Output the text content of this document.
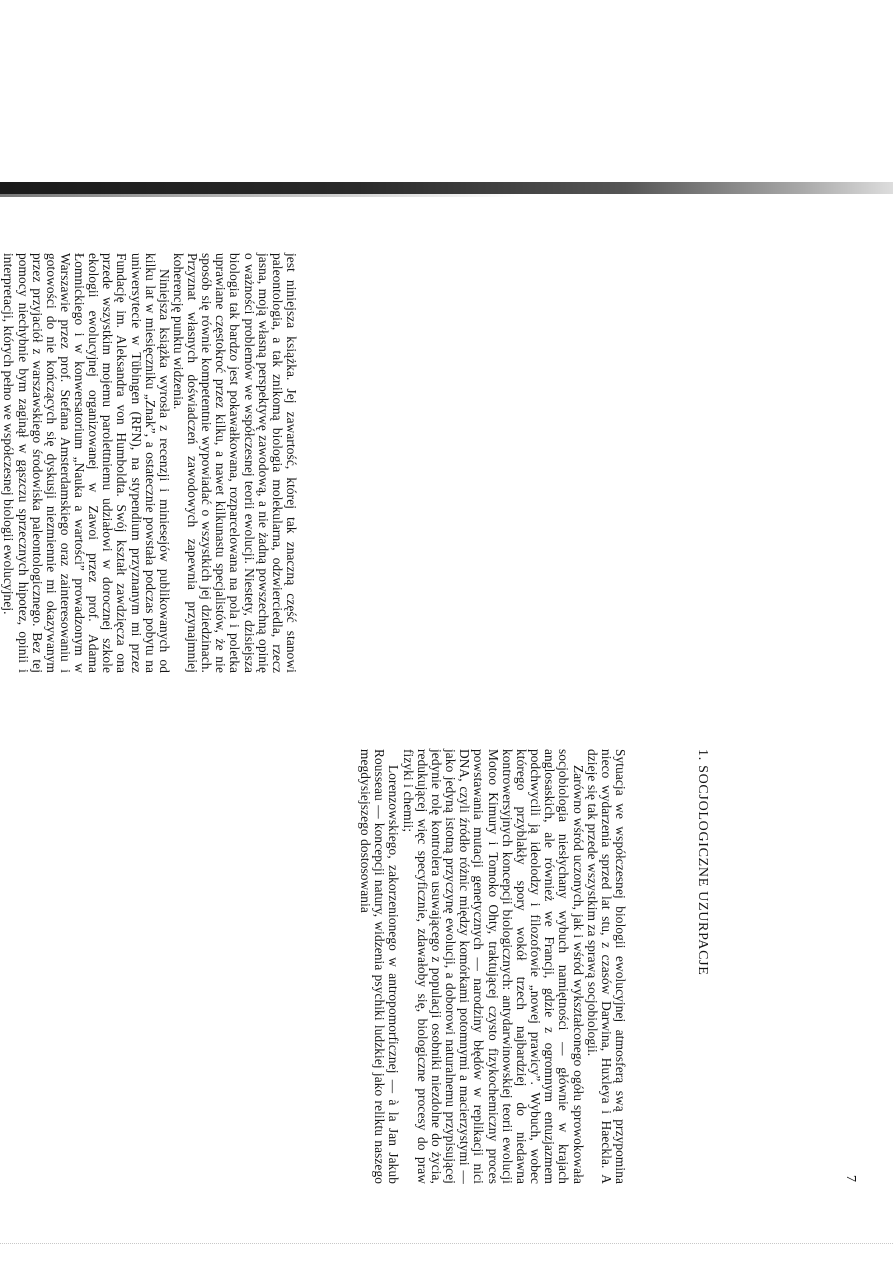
jest niniejsza książka. Jej zawartość, której tak znaczną część stanowi paleontologia, a tak znikomą biologia molekularna, odzwierciedla, rzecz jasna, moją własną perspektywę zawodową, a nie żadną powszechną opinię o ważności problemów we współczesnej teorii ewolucji. Niestety, dzisiejsza biologia tak bardzo jest pokawałkowana, rozparcelowana na pola i poletka uprawiane częstokroć przez kilku, a nawet kilkunastu specjalistów, że nie sposób się równie kompetentnie wypowiadać o wszystkich jej dziedzinach. Przyznat własnych doświadczeń zawodowych zapewnia przynajmniej koherencję punktu widzenia.

Niniejsza książka wyrosła z recenzji i miniesejów publikowanych od kilku lat w miesięczniku „Znak”, a ostatecznie powstała podczas pobytu na uniwersytecie w Tübingen (RFN), na stypendium przyznanym mi przez Fundację im. Aleksandra von Humboldta. Swój kształt zawdzięcza ona przede wszystkim mojemu parolettniemu udziałowi w dorocznej szkole ekologii ewolucyjnej organizowanej w Zawoi przez prof. Adama Łomnickiego i w konwersatorium „Nauka a wartości” prowadzonym w Warszawie przez prof. Stefana Amsterdamskiego oraz zainteresowaniu i gotowości do nie kończących się dyskusji niezmiennie mi okazywanym przez przyjaciół z warszawskiego środowiska paleontologicznego. Bez tej pomocy niechybnie bym zaginął w gąszczu sprzecznych hipotez, opinii i interpretacji, których pełno we współczesnej biologii ewolucyjnej.

1. SOCJOLOGICZNE UZURPACJE

Sytuacja we współczesnej biologii ewolucyjnej atmosferą swą przypomina nieco wydarzenia sprzed lat stu, z czasów Darwina, Huxleya i Haeckla. A dzieje się tak przede wszystkim za sprawą socjobiologii.

Zarówno wśród uczonych, jak i wśród wykształconego ogółu sprowokowała socjobiologia niesłychany wybuch namiętności — głównie w krajach anglosaskich, ale również we Francji, gdzie z ogromnym entuzjazmem podchwycili ją ideolodzy i filozofowie „nowej prawicy”. Wybuch, wobec którego przyblakły spory wokół trzech najbardziej do niedawna kontrowersyjnych koncepcji biologicznych: antydarwinowskiej teorii ewolucji Motoo Kimury i Tomoko Ohty, traktującej czysto fizykochemiczny proces powstawania mutacji genetycznych — narodziny błędów w replikacji nici DNA, czyli źródło różnic między komórkami potomnymi a macierzystymi — jako jedyną istotną przyczynę ewolucji, a doborowi naturalnemu przypisującej jedynie rolę kontrolera usuwającego z populacji osobniki niezdolne do życia, redukującej więc specyficznie, zdawałoby się, biologiczne procesy do praw fizyki i chemii;

Lorenzowskiego, zakorzenionego w antropomorficznej — à la Jan Jakub Rousseau — koncepcji natury, widzenia psychiki ludzkiej jako reliktu naszego megdysiejszego dostosowania

7
